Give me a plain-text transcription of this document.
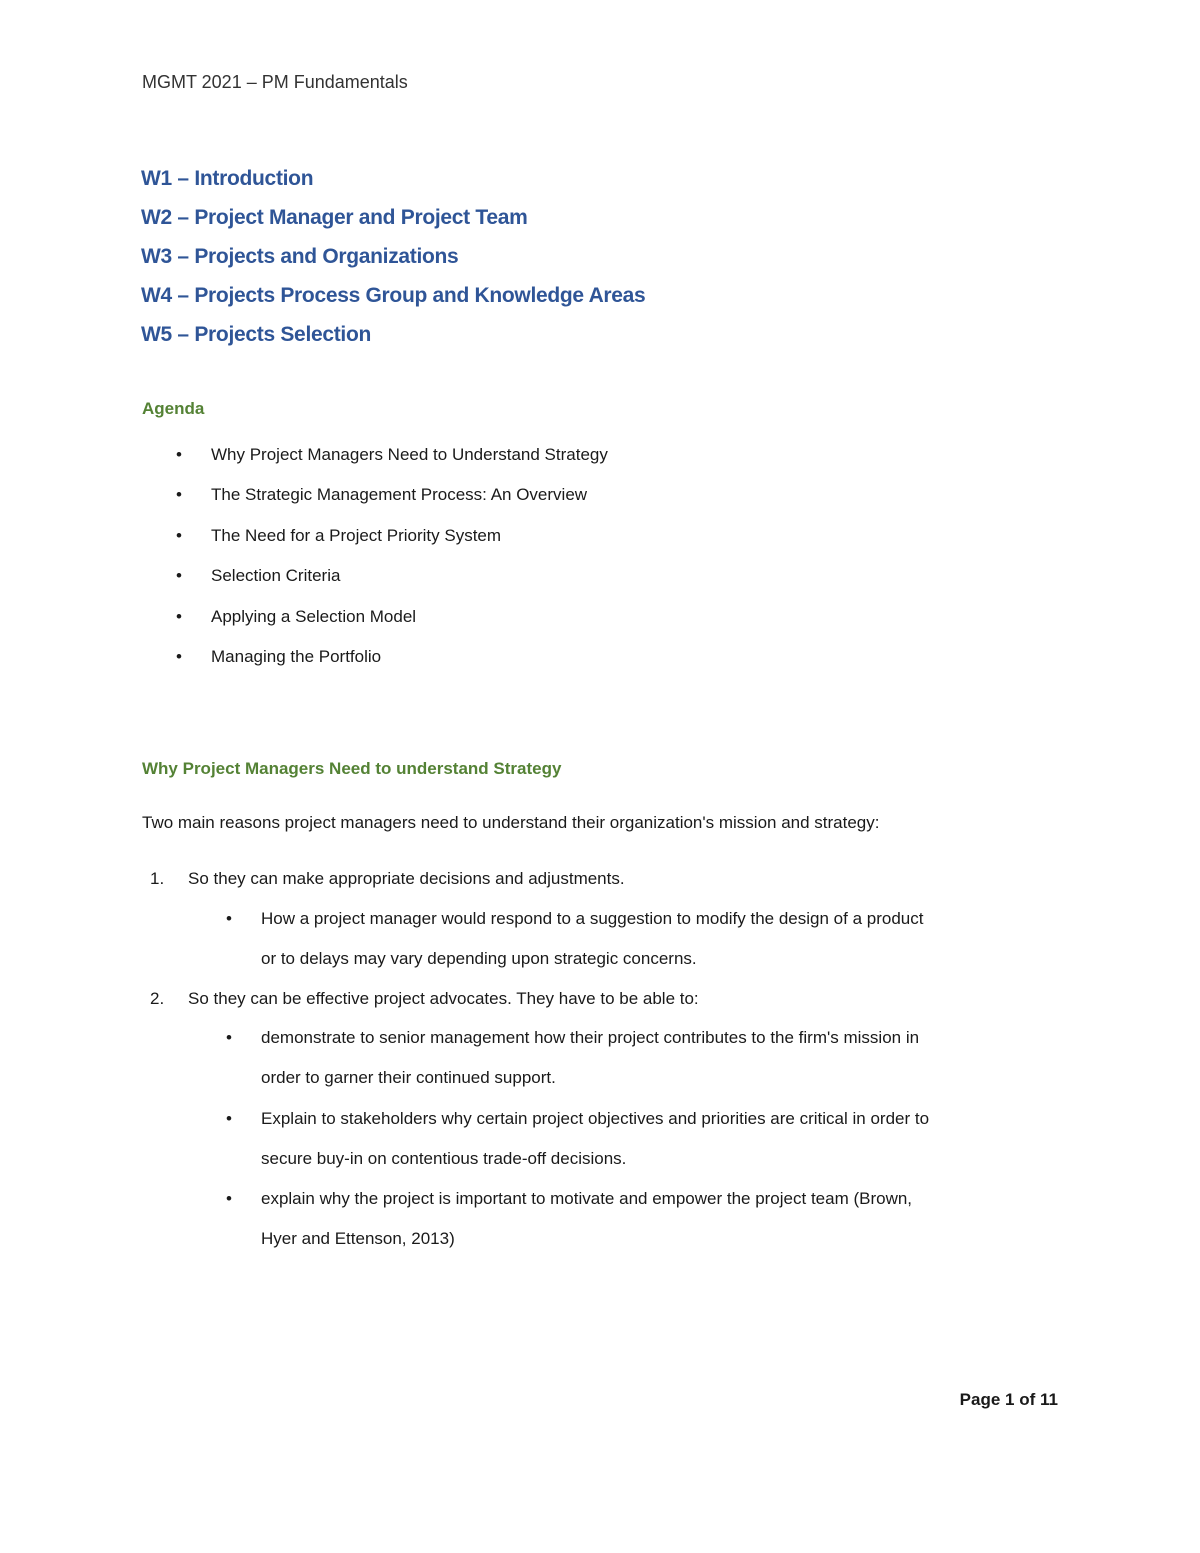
MGMT 2021 – PM Fundamentals
W1 – Introduction
W2 – Project Manager and Project Team
W3 – Projects and Organizations
W4 – Projects Process Group and Knowledge Areas
W5 – Projects Selection
Agenda
• Why Project Managers Need to Understand Strategy
• The Strategic Management Process: An Overview
• The Need for a Project Priority System
• Selection Criteria
• Applying a Selection Model
• Managing the Portfolio
Why Project Managers Need to understand Strategy
Two main reasons project managers need to understand their organization's mission and strategy:
1. So they can make appropriate decisions and adjustments.
• How a project manager would respond to a suggestion to modify the design of a product
or to delays may vary depending upon strategic concerns.
2. So they can be effective project advocates. They have to be able to:
• demonstrate to senior management how their project contributes to the firm's mission in
order to garner their continued support.
• Explain to stakeholders why certain project objectives and priorities are critical in order to
secure buy-in on contentious trade-off decisions.
• explain why the project is important to motivate and empower the project team (Brown,
Hyer and Ettenson, 2013)
Page 1 of 11
